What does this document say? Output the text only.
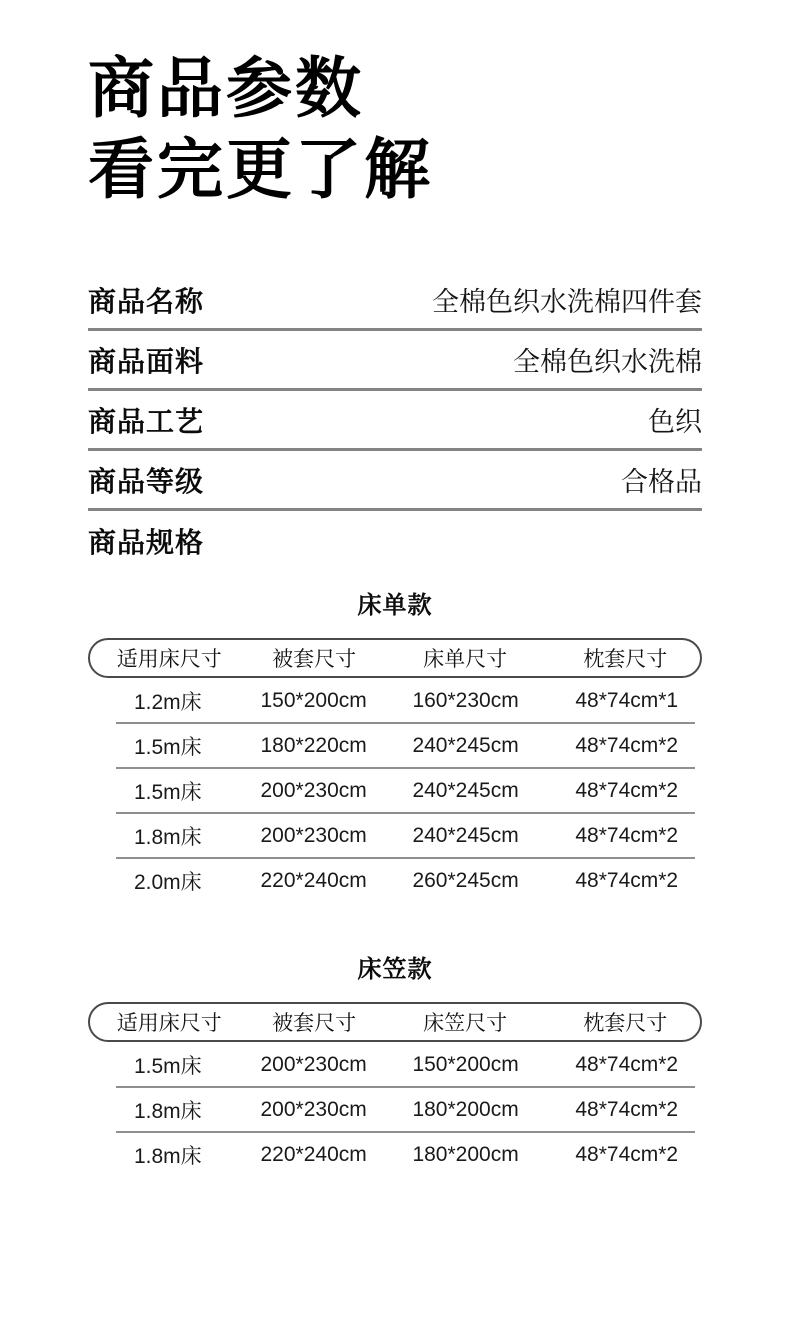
商品参数
看完更了解
商品名称	全棉色织水洗棉四件套
商品面料	全棉色织水洗棉
商品工艺	色织
商品等级	合格品
商品规格
床单款
适用床尺寸	被套尺寸	床单尺寸	枕套尺寸
1.2m床	150*200cm	160*230cm	48*74cm*1
1.5m床	180*220cm	240*245cm	48*74cm*2
1.5m床	200*230cm	240*245cm	48*74cm*2
1.8m床	200*230cm	240*245cm	48*74cm*2
2.0m床	220*240cm	260*245cm	48*74cm*2
床笠款
适用床尺寸	被套尺寸	床笠尺寸	枕套尺寸
1.5m床	200*230cm	150*200cm	48*74cm*2
1.8m床	200*230cm	180*200cm	48*74cm*2
1.8m床	220*240cm	180*200cm	48*74cm*2
